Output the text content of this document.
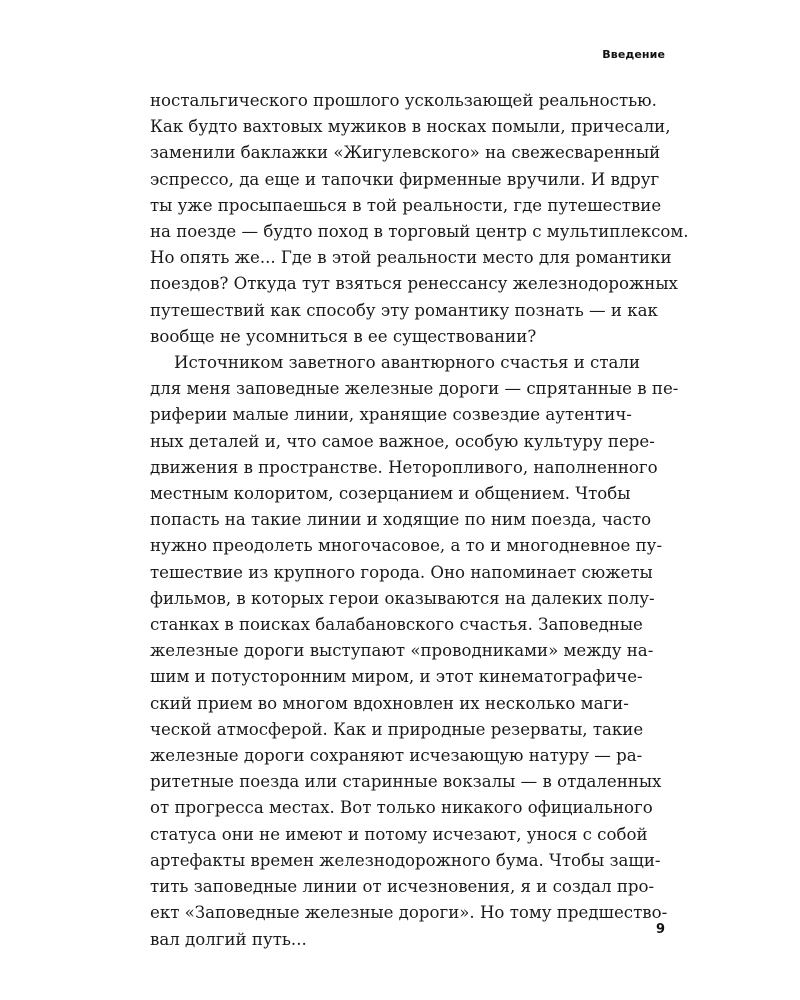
Введение
ностальгического прошлого ускользающей реальностью.
Как будто вахтовых мужиков в носках помыли, причесали,
заменили баклажки «Жигулевского» на свежесваренный
эспрессо, да еще и тапочки фирменные вручили. И вдруг
ты уже просыпаешься в той реальности, где путешествие
на поезде — будто поход в торговый центр с мультиплексом.
Но опять же... Где в этой реальности место для романтики
поездов? Откуда тут взяться ренессансу железнодорожных
путешествий как способу эту романтику познать — и как
вообще не усомниться в ее существовании?
Источником заветного авантюрного счастья и стали
для меня заповедные железные дороги — спрятанные в пе-
риферии малые линии, хранящие созвездие аутентич-
ных деталей и, что самое важное, особую культуру пере-
движения в пространстве. Неторопливого, наполненного
местным колоритом, созерцанием и общением. Чтобы
попасть на такие линии и ходящие по ним поезда, часто
нужно преодолеть многочасовое, а то и многодневное пу-
тешествие из крупного города. Оно напоминает сюжеты
фильмов, в которых герои оказываются на далеких полу-
станках в поисках балабановского счастья. Заповедные
железные дороги выступают «проводниками» между на-
шим и потусторонним миром, и этот кинематографиче-
ский прием во многом вдохновлен их несколько маги-
ческой атмосферой. Как и природные резерваты, такие
железные дороги сохраняют исчезающую натуру — ра-
ритетные поезда или старинные вокзалы — в отдаленных
от прогресса местах. Вот только никакого официального
статуса они не имеют и потому исчезают, унося с собой
артефакты времен железнодорожного бума. Чтобы защи-
тить заповедные линии от исчезновения, я и создал про-
ект «Заповедные железные дороги». Но тому предшество-
вал долгий путь...	9
